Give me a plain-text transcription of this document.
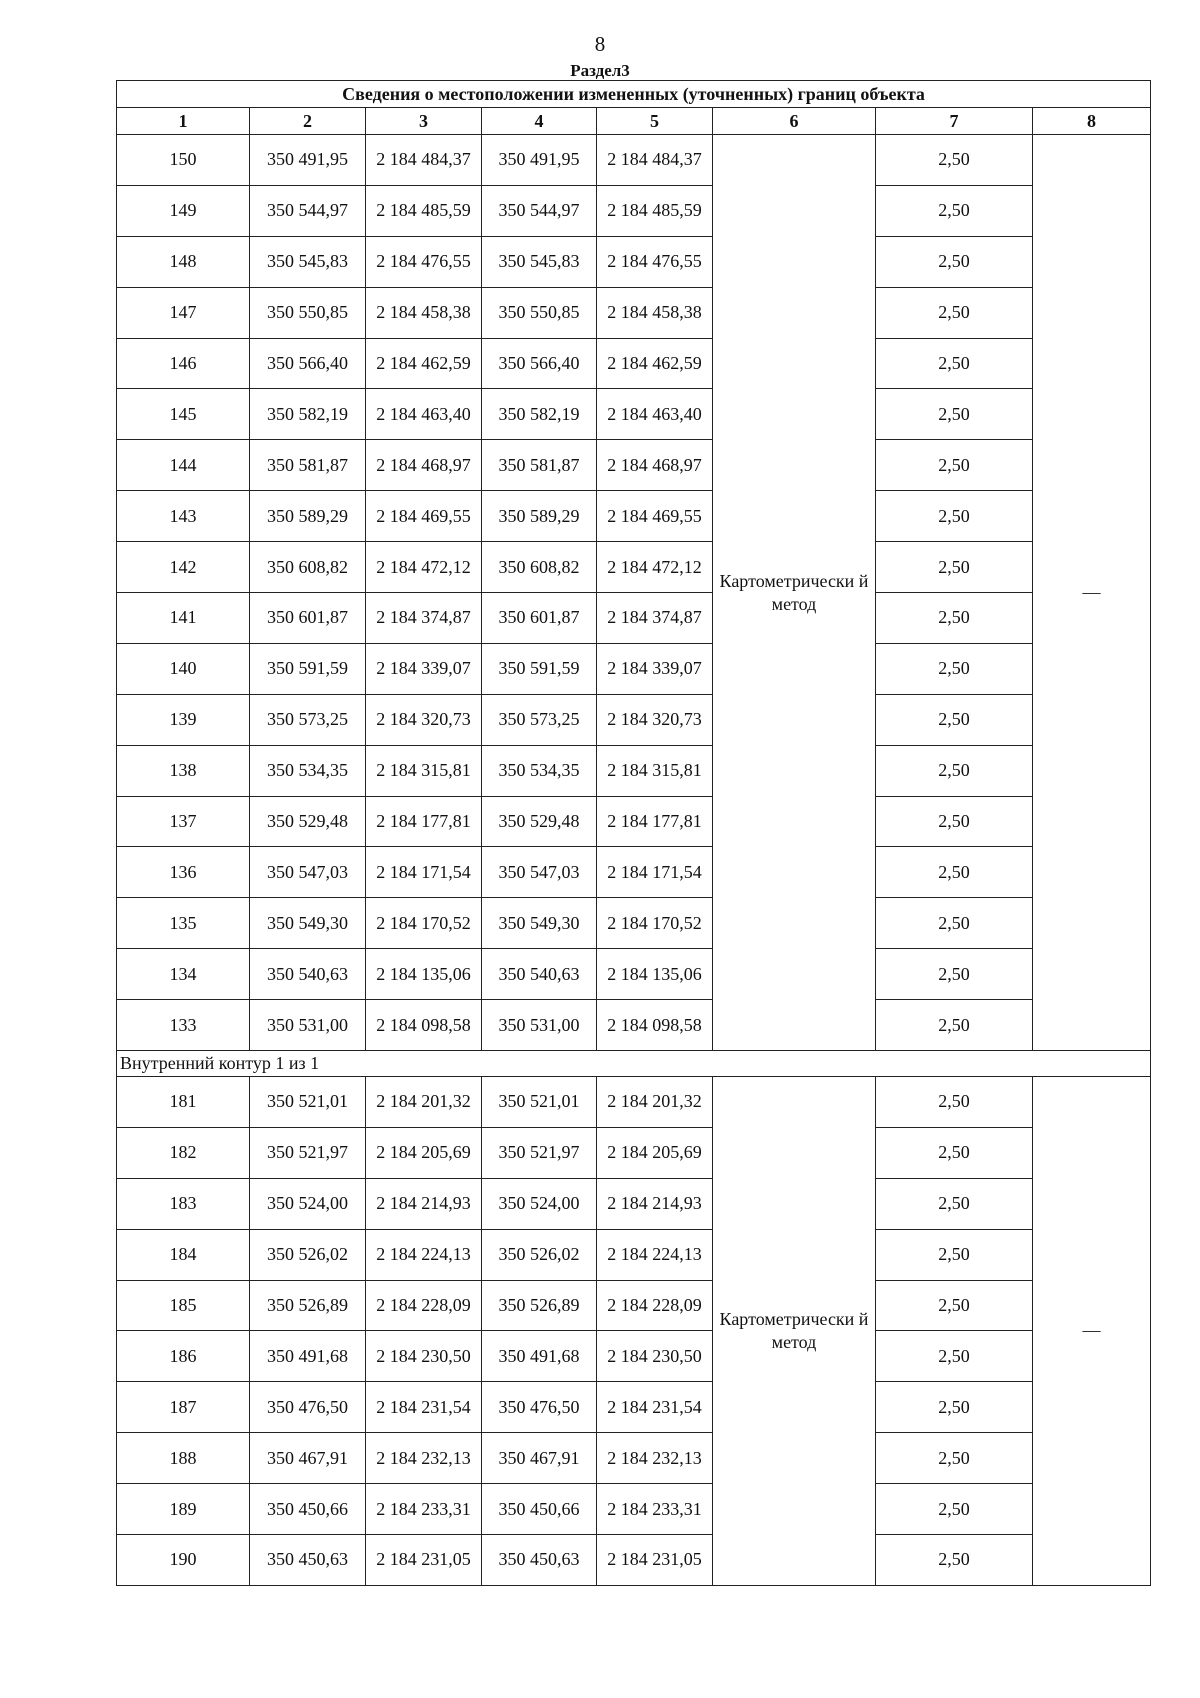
8
Раздел3
Сведения о местоположении измененных (уточненных) границ объекта							
1	2	3	4	5	6	7	8
150	350 491,95	2 184 484,37	350 491,95	2 184 484,37	Картометрически й метод	2,50	—
149	350 544,97	2 184 485,59	350 544,97	2 184 485,59		2,50	
148	350 545,83	2 184 476,55	350 545,83	2 184 476,55		2,50	
147	350 550,85	2 184 458,38	350 550,85	2 184 458,38		2,50	
146	350 566,40	2 184 462,59	350 566,40	2 184 462,59		2,50	
145	350 582,19	2 184 463,40	350 582,19	2 184 463,40		2,50	
144	350 581,87	2 184 468,97	350 581,87	2 184 468,97		2,50	
143	350 589,29	2 184 469,55	350 589,29	2 184 469,55		2,50	
142	350 608,82	2 184 472,12	350 608,82	2 184 472,12		2,50	
141	350 601,87	2 184 374,87	350 601,87	2 184 374,87		2,50	
140	350 591,59	2 184 339,07	350 591,59	2 184 339,07		2,50	
139	350 573,25	2 184 320,73	350 573,25	2 184 320,73		2,50	
138	350 534,35	2 184 315,81	350 534,35	2 184 315,81		2,50	
137	350 529,48	2 184 177,81	350 529,48	2 184 177,81		2,50	
136	350 547,03	2 184 171,54	350 547,03	2 184 171,54		2,50	
135	350 549,30	2 184 170,52	350 549,30	2 184 170,52		2,50	
134	350 540,63	2 184 135,06	350 540,63	2 184 135,06		2,50	
133	350 531,00	2 184 098,58	350 531,00	2 184 098,58		2,50	
Внутренний контур 1 из 1							
181	350 521,01	2 184 201,32	350 521,01	2 184 201,32	Картометрически й метод	2,50	—
182	350 521,97	2 184 205,69	350 521,97	2 184 205,69		2,50	
183	350 524,00	2 184 214,93	350 524,00	2 184 214,93		2,50	
184	350 526,02	2 184 224,13	350 526,02	2 184 224,13		2,50	
185	350 526,89	2 184 228,09	350 526,89	2 184 228,09		2,50	
186	350 491,68	2 184 230,50	350 491,68	2 184 230,50		2,50	
187	350 476,50	2 184 231,54	350 476,50	2 184 231,54		2,50	
188	350 467,91	2 184 232,13	350 467,91	2 184 232,13		2,50	
189	350 450,66	2 184 233,31	350 450,66	2 184 233,31		2,50	
190	350 450,63	2 184 231,05	350 450,63	2 184 231,05		2,50	
